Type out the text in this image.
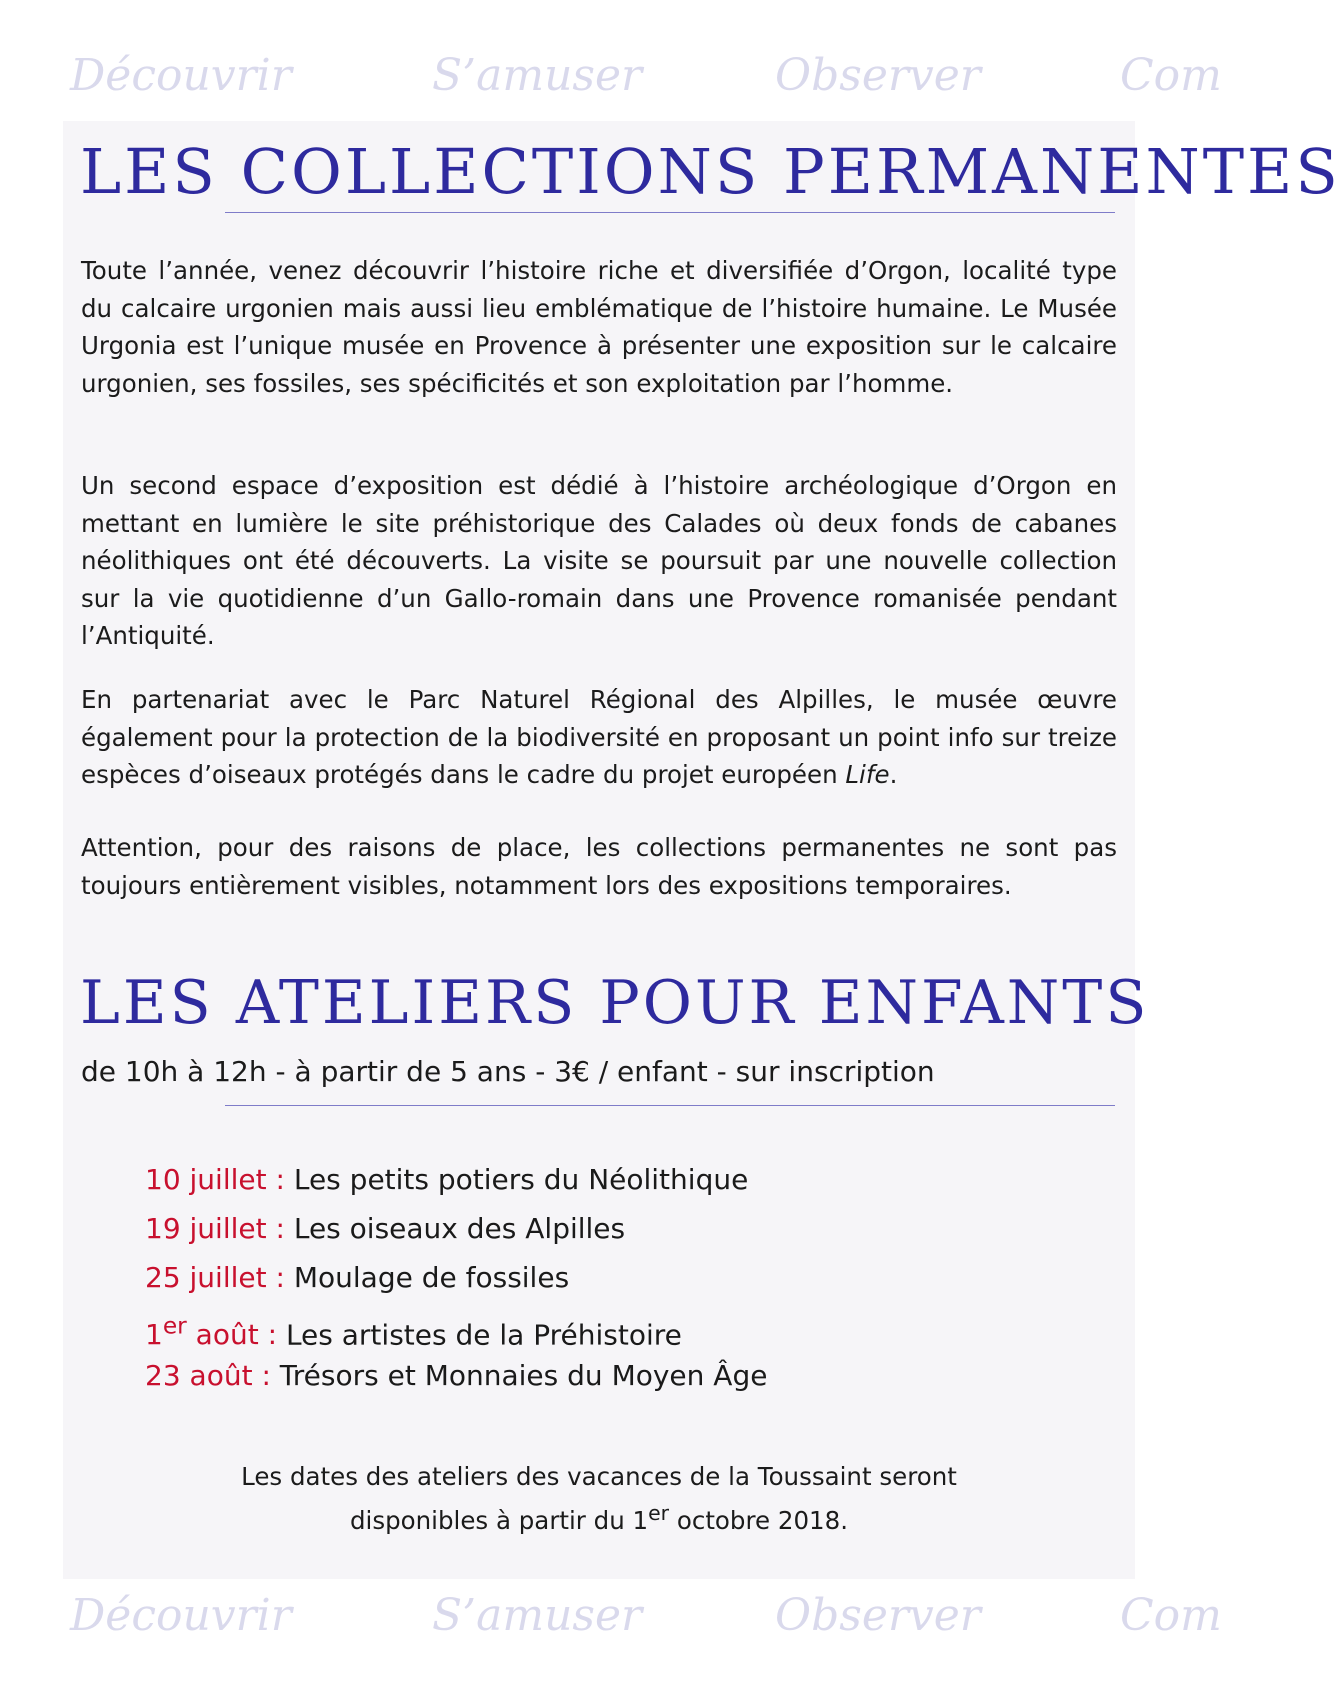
Découvrir	S’amuser	Observer	Com
LES COLLECTIONS PERMANENTES

Toute l’année, venez découvrir l’histoire riche et diversifiée d’Orgon, localité type du calcaire urgonien mais aussi lieu emblématique de l’histoire humaine. Le Musée Urgonia est l’unique musée en Provence à présenter une exposition sur le calcaire urgonien, ses fossiles, ses spécificités et son exploitation par l’homme.

Un second espace d’exposition est dédié à l’histoire archéologique d’Orgon en mettant en lumière le site préhistorique des Calades où deux fonds de cabanes néolithiques ont été découverts. La visite se poursuit par une nouvelle collection sur la vie quotidienne d’un Gallo-romain dans une Provence romanisée pendant l’Antiquité.

En partenariat avec le Parc Naturel Régional des Alpilles, le musée œuvre également pour la protection de la biodiversité en proposant un point info sur treize espèces d’oiseaux protégés dans le cadre du projet européen Life.

Attention, pour des raisons de place, les collections permanentes ne sont pas toujours entièrement visibles, notamment lors des expositions temporaires.

LES ATELIERS POUR ENFANTS

de 10h à 12h - à partir de 5 ans - 3€ / enfant - sur inscription

10 juillet : Les petits potiers du Néolithique
19 juillet : Les oiseaux des Alpilles
25 juillet : Moulage de fossiles
1er août : Les artistes de la Préhistoire
23 août : Trésors et Monnaies du Moyen Âge

Les dates des ateliers des vacances de la Toussaint seront
disponibles à partir du 1er octobre 2018.

Découvrir	S’amuser	Observer	Com
